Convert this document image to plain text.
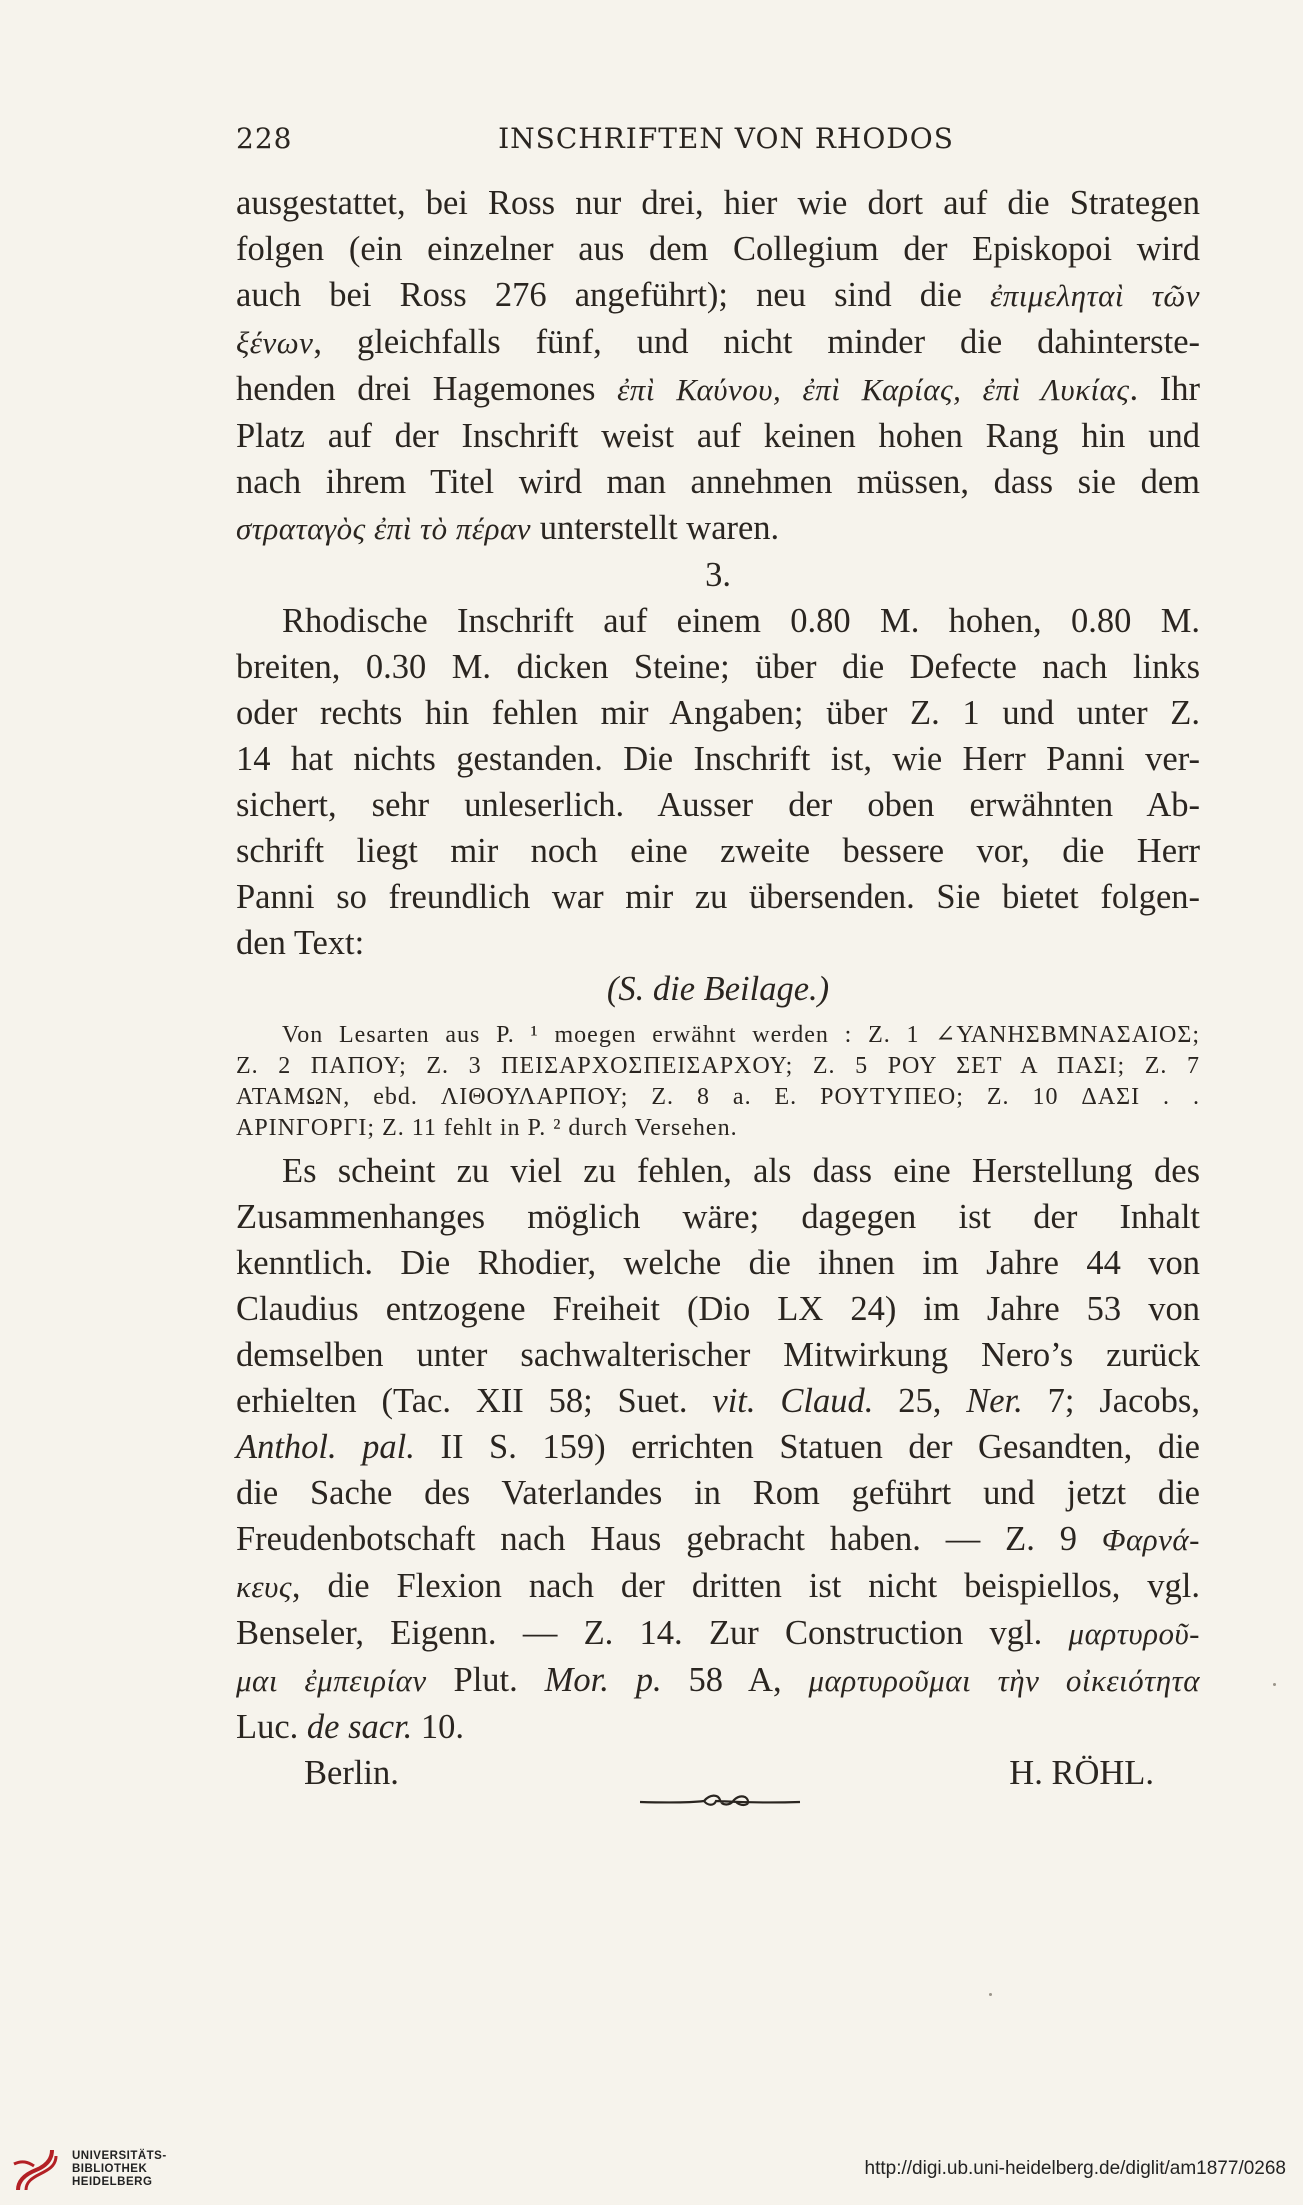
228	INSCHRIFTEN VON RHODOS
ausgestattet, bei Ross nur drei, hier wie dort auf die Strategen
folgen (ein einzelner aus dem Collegium der Episkopoi wird
auch bei Ross 276 angeführt); neu sind die ἐπιμεληταὶ τῶν
ξένων, gleichfalls fünf, und nicht minder die dahinterste-
henden drei Hagemones ἐπὶ Καύνου, ἐπὶ Καρίας, ἐπὶ Λυκίας. Ihr
Platz auf der Inschrift weist auf keinen hohen Rang hin und
nach ihrem Titel wird man annehmen müssen, dass sie dem
στραταγὸς ἐπὶ τὸ πέραν unterstellt waren.
3.
Rhodische Inschrift auf einem 0.80 M. hohen, 0.80 M.
breiten, 0.30 M. dicken Steine; über die Defecte nach links
oder rechts hin fehlen mir Angaben; über Z. 1 und unter Z.
14 hat nichts gestanden. Die Inschrift ist, wie Herr Panni ver-
sichert, sehr unleserlich. Ausser der oben erwähnten Ab-
schrift liegt mir noch eine zweite bessere vor, die Herr
Panni so freundlich war mir zu übersenden. Sie bietet folgen-
den Text:
(S. die Beilage.)
Von Lesarten aus P. ¹ moegen erwähnt werden : Z. 1 ∠ΥΑΝΗΣΒΜΝΑΣΑΙΟΣ;
Z. 2 ΠΑΠΟΥ; Z. 3 ΠΕΙΣΑΡΧΟΣΠΕΙΣΑΡΧΟΥ; Z. 5 ΡΟΥ ΣΕΤ Α ΠΑΣΙ; Z. 7
ΑΤΑΜΩΝ, ebd. ΛΙΘΟΥΛΑΡΠΟΥ; Z. 8 a. E. ΡΟΥΤΥΠΕΟ; Z. 10 ΔΑΣΙ . .
ΑΡΙΝΓΟΡΓΙ; Z. 11 fehlt in P. ² durch Versehen.
Es scheint zu viel zu fehlen, als dass eine Herstellung des
Zusammenhanges möglich wäre; dagegen ist der Inhalt
kenntlich. Die Rhodier, welche die ihnen im Jahre 44 von
Claudius entzogene Freiheit (Dio LX 24) im Jahre 53 von
demselben unter sachwalterischer Mitwirkung Nero’s zurück
erhielten (Tac. XII 58; Suet. vit. Claud. 25, Ner. 7; Jacobs,
Anthol. pal. II S. 159) errichten Statuen der Gesandten, die
die Sache des Vaterlandes in Rom geführt und jetzt die
Freudenbotschaft nach Haus gebracht haben. — Z. 9 Φαρνά-
κευς, die Flexion nach der dritten ist nicht beispiellos, vgl.
Benseler, Eigenn. — Z. 14. Zur Construction vgl. μαρτυροῦ-
μαι ἐμπειρίαν Plut. Mor. p. 58 A, μαρτυροῦμαι τὴν οἰκειότητα
Luc. de sacr. 10.
Berlin.	H. RÖHL.
UNIVERSITÄTS-
BIBLIOTHEK
HEIDELBERG
http://digi.ub.uni-heidelberg.de/diglit/am1877/0268
